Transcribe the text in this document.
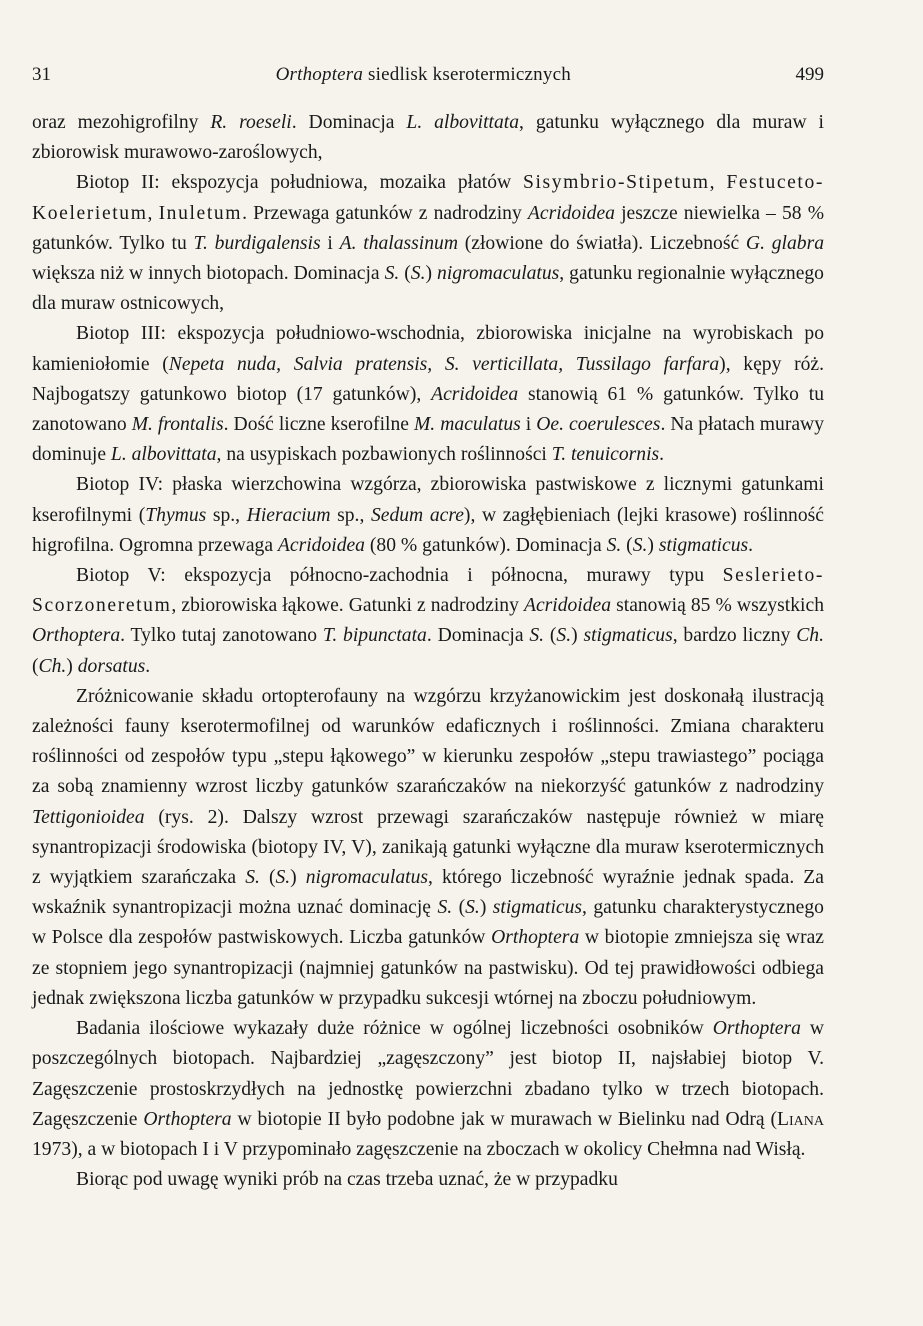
31	Orthoptera siedlisk kserotermicznych	499

oraz mezohigrofilny R. roeseli. Dominacja L. albovittata, gatunku wyłącznego dla muraw i zbiorowisk murawowo-zaroślowych,

Biotop II: ekspozycja południowa, mozaika płatów Sisymbrio-Stipetum, Festuceto-Koelerietum, Inuletum. Przewaga gatunków z nadrodziny Acridoidea jeszcze niewielka – 58 % gatunków. Tylko tu T. burdigalensis i A. thalassinum (złowione do światła). Liczebność G. glabra większa niż w innych biotopach. Dominacja S. (S.) nigromaculatus, gatunku regionalnie wyłącznego dla muraw ostnicowych,

Biotop III: ekspozycja południowo-wschodnia, zbiorowiska inicjalne na wyrobiskach po kamieniołomie (Nepeta nuda, Salvia pratensis, S. verticillata, Tussilago farfara), kępy róż. Najbogatszy gatunkowo biotop (17 gatunków), Acridoidea stanowią 61 % gatunków. Tylko tu zanotowano M. frontalis. Dość liczne kserofilne M. maculatus i Oe. coerulesces. Na płatach murawy dominuje L. albovittata, na usypiskach pozbawionych roślinności T. tenuicornis.

Biotop IV: płaska wierzchowina wzgórza, zbiorowiska pastwiskowe z licznymi gatunkami kserofilnymi (Thymus sp., Hieracium sp., Sedum acre), w zagłębieniach (lejki krasowe) roślinność higrofilna. Ogromna przewaga Acridoidea (80 % gatunków). Dominacja S. (S.) stigmaticus.

Biotop V: ekspozycja północno-zachodnia i północna, murawy typu Seslerieto-Scorzoneretum, zbiorowiska łąkowe. Gatunki z nadrodziny Acridoidea stanowią 85 % wszystkich Orthoptera. Tylko tutaj zanotowano T. bipunctata. Dominacja S. (S.) stigmaticus, bardzo liczny Ch. (Ch.) dorsatus.

Zróżnicowanie składu ortopterofauny na wzgórzu krzyżanowickim jest doskonałą ilustracją zależności fauny kserotermofilnej od warunków edaficznych i roślinności. Zmiana charakteru roślinności od zespołów typu „stepu łąkowego” w kierunku zespołów „stepu trawiastego” pociąga za sobą znamienny wzrost liczby gatunków szarańczaków na niekorzyść gatunków z nadrodziny Tettigonioidea (rys. 2). Dalszy wzrost przewagi szarańczaków następuje również w miarę synantropizacji środowiska (biotopy IV, V), zanikają gatunki wyłączne dla muraw kserotermicznych z wyjątkiem szarańczaka S. (S.) nigromaculatus, którego liczebność wyraźnie jednak spada. Za wskaźnik synantropizacji można uznać dominację S. (S.) stigmaticus, gatunku charakterystycznego w Polsce dla zespołów pastwiskowych. Liczba gatunków Orthoptera w biotopie zmniejsza się wraz ze stopniem jego synantropizacji (najmniej gatunków na pastwisku). Od tej prawidłowości odbiega jednak zwiększona liczba gatunków w przypadku sukcesji wtórnej na zboczu południowym.

Badania ilościowe wykazały duże różnice w ogólnej liczebności osobników Orthoptera w poszczególnych biotopach. Najbardziej „zagęszczony” jest biotop II, najsłabiej biotop V. Zagęszczenie prostoskrzydłych na jednostkę powierzchni zbadano tylko w trzech biotopach. Zagęszczenie Orthoptera w biotopie II było podobne jak w murawach w Bielinku nad Odrą (Liana 1973), a w biotopach I i V przypominało zagęszczenie na zboczach w okolicy Chełmna nad Wisłą.

Biorąc pod uwagę wyniki prób na czas trzeba uznać, że w przypadku
